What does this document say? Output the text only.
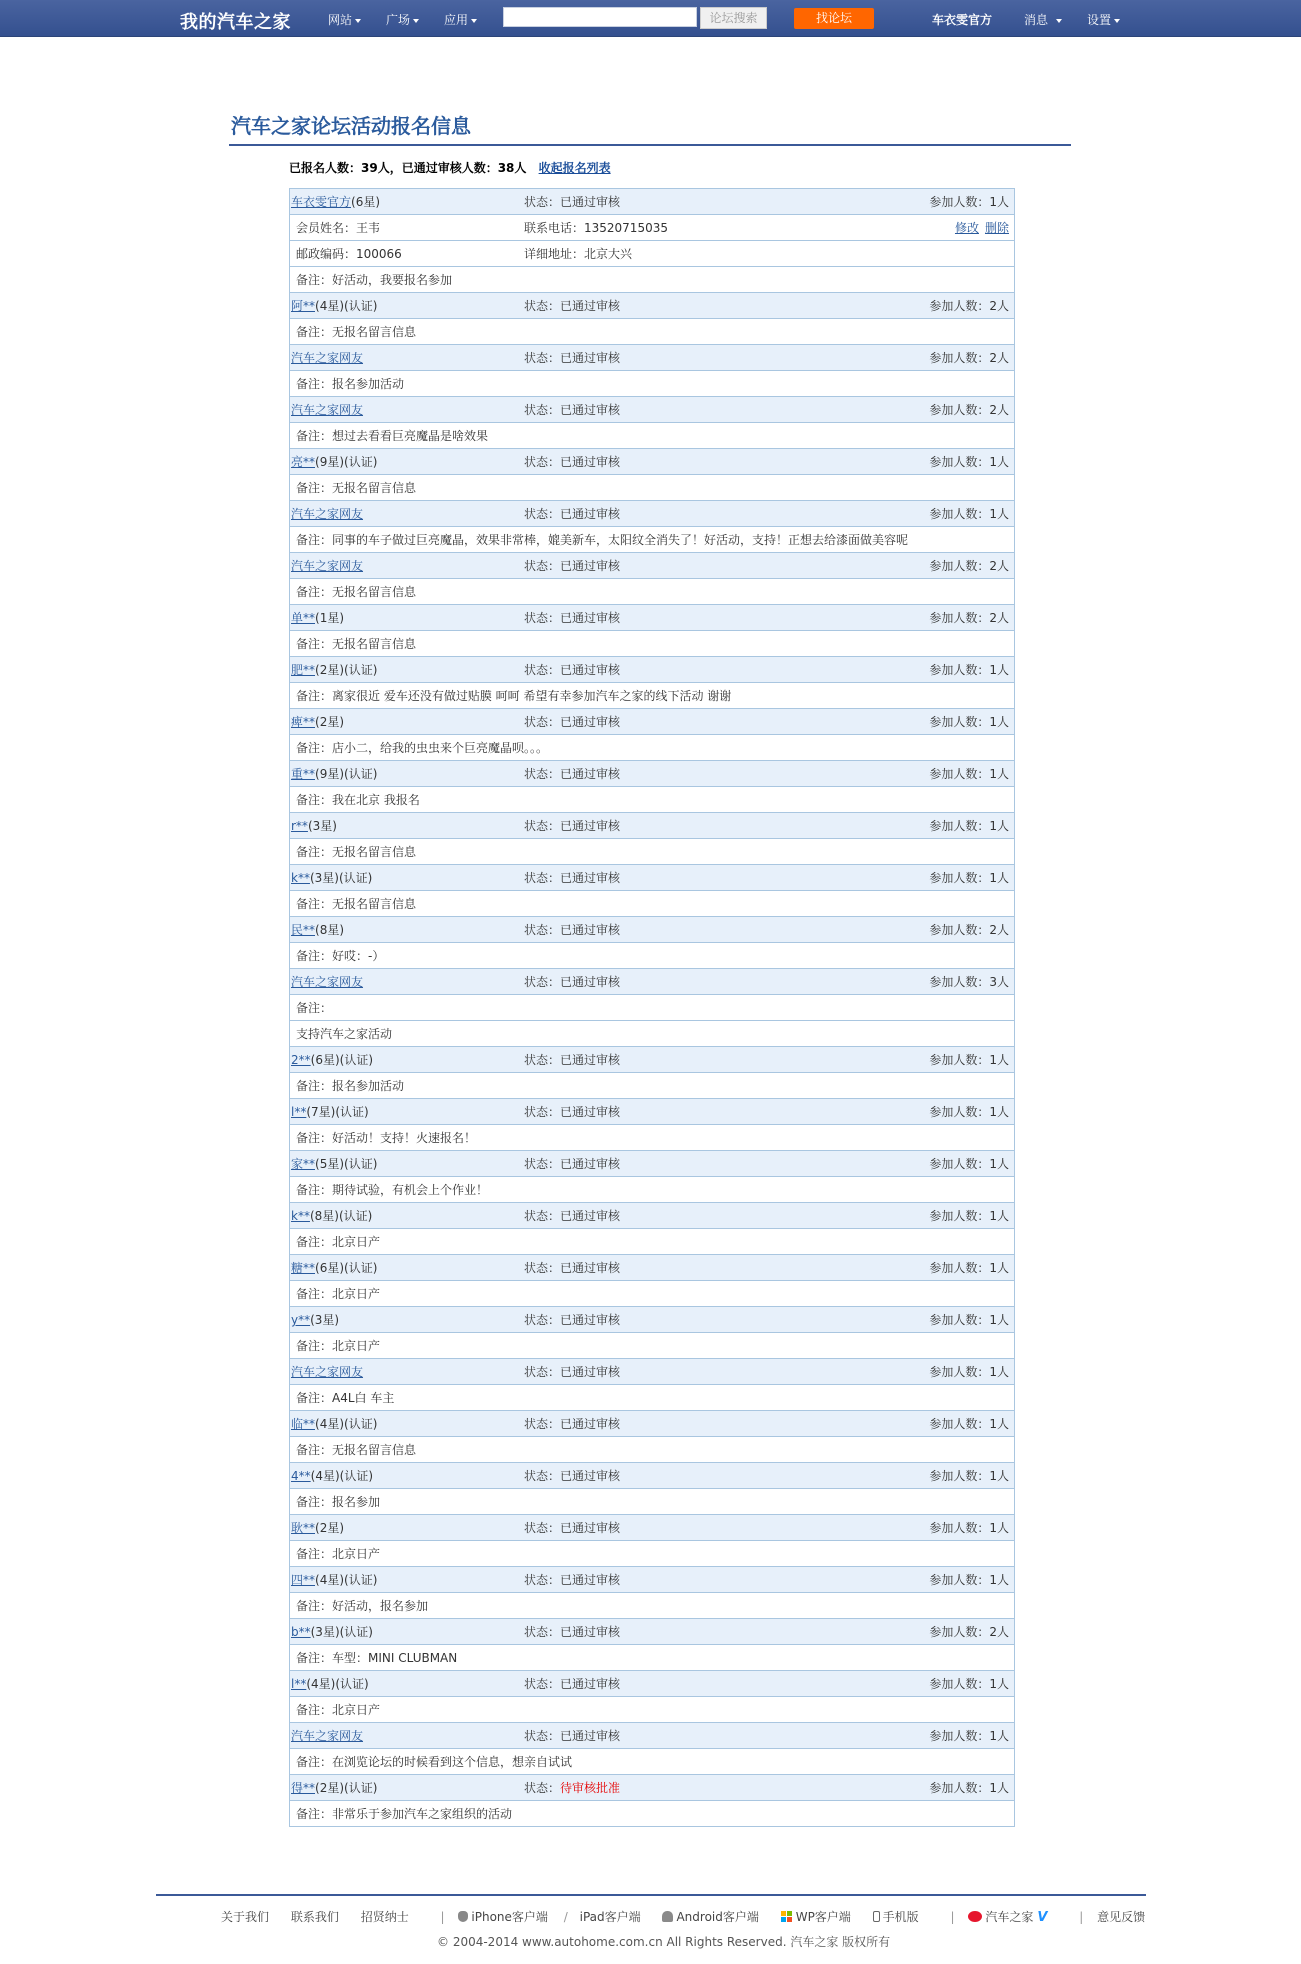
我的汽车之家	网站	广场	应用	论坛搜索	找论坛	车衣雯官方	消息	设置
汽车之家论坛活动报名信息
已报名人数：39人，已通过审核人数：38人 收起报名列表
车衣雯官方(6星)	状态：已通过审核	参加人数：1人
会员姓名：王韦	联系电话：13520715035	修改 删除
邮政编码：100066	详细地址：北京大兴
备注：好活动，我要报名参加
阿**(4星)(认证)	状态：已通过审核	参加人数：2人
备注：无报名留言信息
汽车之家网友	状态：已通过审核	参加人数：2人
备注：报名参加活动
汽车之家网友	状态：已通过审核	参加人数：2人
备注：想过去看看巨亮魔晶是啥效果
亮**(9星)(认证)	状态：已通过审核	参加人数：1人
备注：无报名留言信息
汽车之家网友	状态：已通过审核	参加人数：1人
备注：同事的车子做过巨亮魔晶，效果非常棒，媲美新车，太阳纹全消失了！好活动，支持！正想去给漆面做美容呢
汽车之家网友	状态：已通过审核	参加人数：2人
备注：无报名留言信息
单**(1星)	状态：已通过审核	参加人数：2人
备注：无报名留言信息
肥**(2星)(认证)	状态：已通过审核	参加人数：1人
备注：离家很近 爱车还没有做过贴膜 呵呵 希望有幸参加汽车之家的线下活动 谢谢
痺**(2星)	状态：已通过审核	参加人数：1人
备注：店小二，给我的虫虫来个巨亮魔晶呗。。。
重**(9星)(认证)	状态：已通过审核	参加人数：1人
备注：我在北京 我报名
r**(3星)	状态：已通过审核	参加人数：1人
备注：无报名留言信息
k**(3星)(认证)	状态：已通过审核	参加人数：1人
备注：无报名留言信息
民**(8星)	状态：已通过审核	参加人数：2人
备注：好哎：-）
汽车之家网友	状态：已通过审核	参加人数：3人
备注：
支持汽车之家活动
2**(6星)(认证)	状态：已通过审核	参加人数：1人
备注：报名参加活动
l**(7星)(认证)	状态：已通过审核	参加人数：1人
备注：好活动！支持！火速报名！
家**(5星)(认证)	状态：已通过审核	参加人数：1人
备注：期待试验，有机会上个作业！
k**(8星)(认证)	状态：已通过审核	参加人数：1人
备注：北京日产
糖**(6星)(认证)	状态：已通过审核	参加人数：1人
备注：北京日产
y**(3星)	状态：已通过审核	参加人数：1人
备注：北京日产
汽车之家网友	状态：已通过审核	参加人数：1人
备注：A4L白 车主
临**(4星)(认证)	状态：已通过审核	参加人数：1人
备注：无报名留言信息
4**(4星)(认证)	状态：已通过审核	参加人数：1人
备注：报名参加
耿**(2星)	状态：已通过审核	参加人数：1人
备注：北京日产
四**(4星)(认证)	状态：已通过审核	参加人数：1人
备注：好活动，报名参加
b**(3星)(认证)	状态：已通过审核	参加人数：2人
备注：车型：MINI CLUBMAN
l**(4星)(认证)	状态：已通过审核	参加人数：1人
备注：北京日产
汽车之家网友	状态：已通过审核	参加人数：1人
备注：在浏览论坛的时候看到这个信息，想亲自试试
得**(2星)(认证)	状态：待审核批准	参加人数：1人
备注：非常乐于参加汽车之家组织的活动
关于我们 联系我们 招贤纳士	| iPhone客户端 / iPad客户端	Android客户端	WP客户端	手机版	|	汽车之家 V	| 意见反馈
© 2004-2014 www.autohome.com.cn All Rights Reserved. 汽车之家 版权所有
